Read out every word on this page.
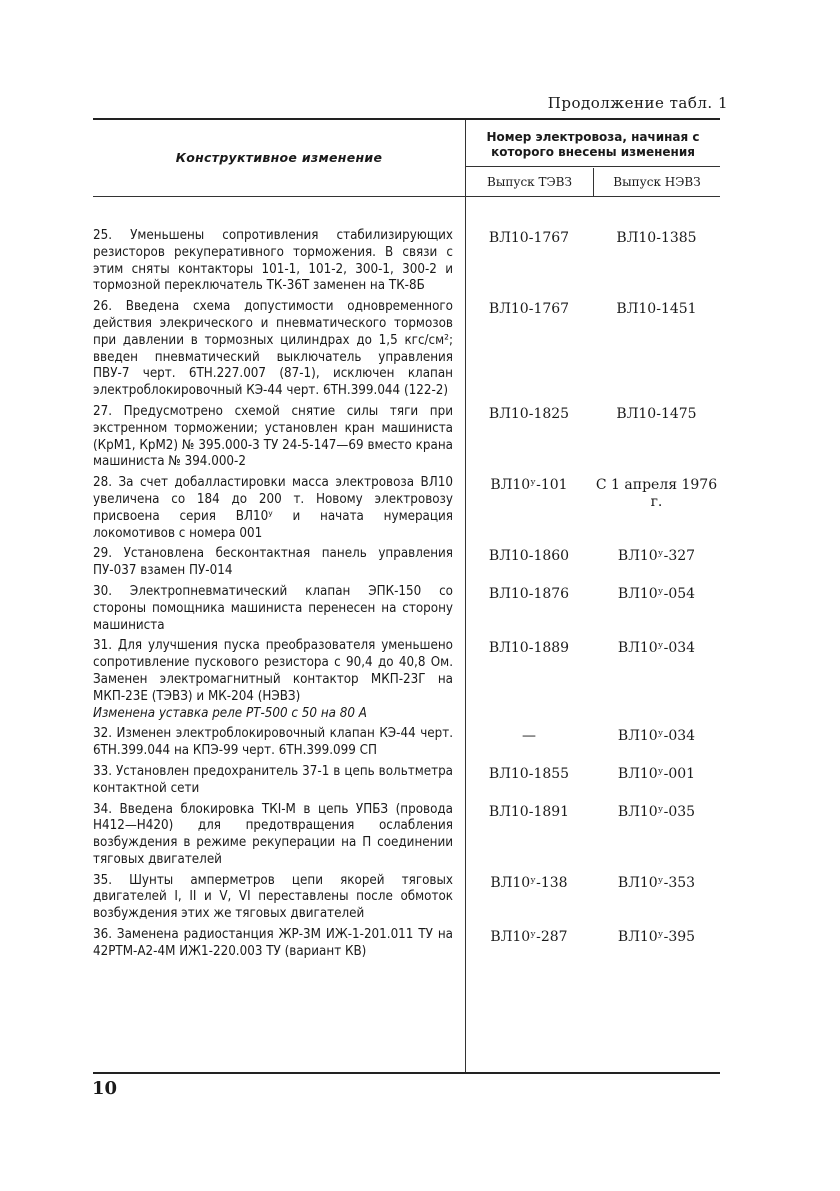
Продолжение табл. 1
Конструктивное изменение
Номер электровоза, начиная с которого внесены изменения
Выпуск ТЭВЗ	Выпуск НЭВЗ
25. Уменьшены сопротивления стабилизирующих резисторов рекуперативного торможения. В связи с этим сняты контакторы 101-1, 101-2, 300-1, 300-2 и тормозной переключатель ТК-36Т заменен на ТК-8Б
ВЛ10-1767	ВЛ10-1385
26. Введена схема допустимости одновременного действия элекрического и пневматического тормозов при давлении в тормозных цилиндрах до 1,5 кгс/см²; введен пневматический выключатель управления ПВУ-7 черт. 6ТН.227.007 (87-1), исключен клапан электроблокировочный КЭ-44 черт. 6ТН.399.044 (122-2)
ВЛ10-1767	ВЛ10-1451
27. Предусмотрено схемой снятие силы тяги при экстренном торможении; установлен кран машиниста (КрМ1, КрМ2) № 395.000-3 ТУ 24-5-147—69 вместо крана машиниста № 394.000-2
ВЛ10-1825	ВЛ10-1475
28. За счет добалластировки масса электровоза ВЛ10 увеличена со 184 до 200 т. Новому электровозу присвоена серия ВЛ10ʸ и начата нумерация локомотивов с номера 001
ВЛ10ʸ-101	С 1 апреля 1976 г.
29. Установлена бесконтактная панель управления ПУ-037 взамен ПУ-014
ВЛ10-1860	ВЛ10ʸ-327
30. Электропневматический клапан ЭПК-150 со стороны помощника машиниста перенесен на сторону машиниста
ВЛ10-1876	ВЛ10ʸ-054
31. Для улучшения пуска преобразователя уменьшено сопротивление пускового резистора с 90,4 до 40,8 Ом. Заменен электромагнитный контактор МКП-23Г на МКП-23Е (ТЭВЗ) и МК-204 (НЭВЗ)
Изменена уставка реле РТ-500 с 50 на 80 А
ВЛ10-1889	ВЛ10ʸ-034
32. Изменен электроблокировочный клапан КЭ-44 черт. 6ТН.399.044 на КПЭ-99 черт. 6ТН.399.099 СП
—	ВЛ10ʸ-034
33. Установлен предохранитель 37-1 в цепь вольтметра контактной сети
ВЛ10-1855	ВЛ10ʸ-001
34. Введена блокировка ТКІ-М в цепь УПБЗ (провода Н412—Н420) для предотвращения ослабления возбуждения в режиме рекуперации на П соединении тяговых двигателей
ВЛ10-1891	ВЛ10ʸ-035
35. Шунты амперметров цепи якорей тяговых двигателей I, II и V, VI переставлены после обмоток возбуждения этих же тяговых двигателей
ВЛ10ʸ-138	ВЛ10ʸ-353
36. Заменена радиостанция ЖР-3М ИЖ-1-201.011 ТУ на 42РТМ-А2-4М ИЖ1-220.003 ТУ (вариант КВ)
ВЛ10ʸ-287	ВЛ10ʸ-395
10
